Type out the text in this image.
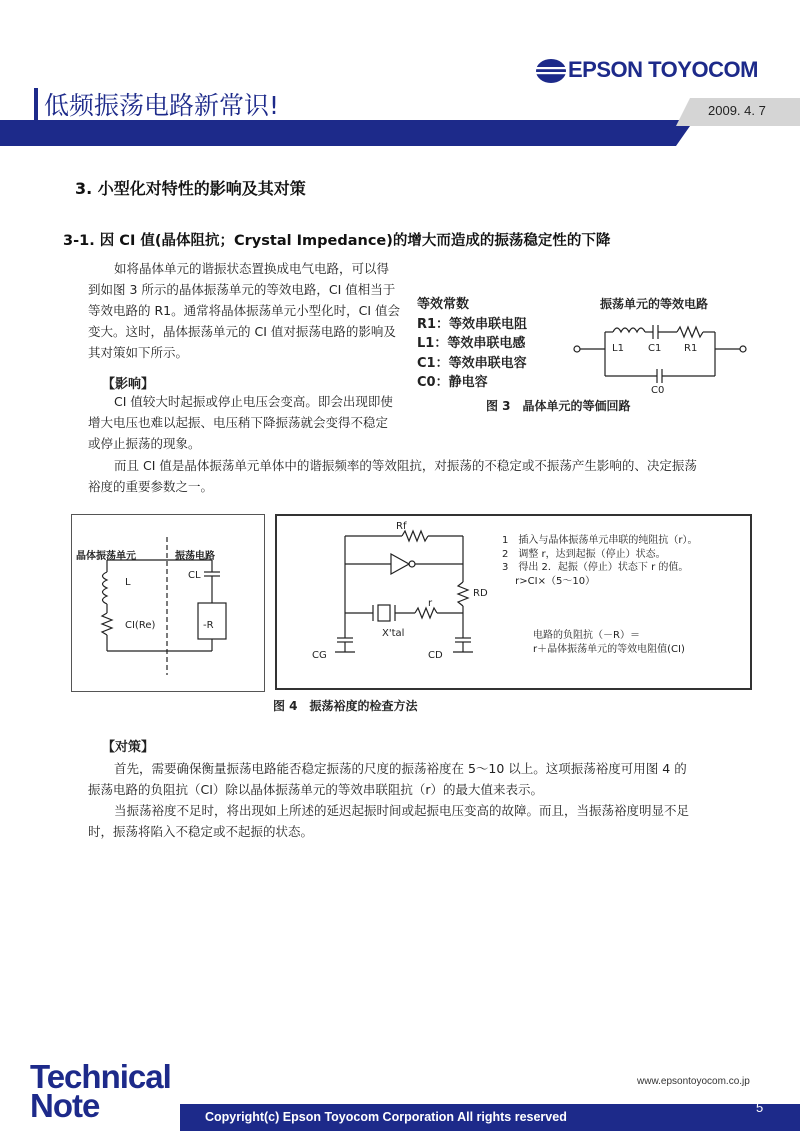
EPSON TOYOCOM
低频振荡电路新常识!	2009. 4. 7
3. 小型化对特性的影响及其对策
3-1. 因 CI 值(晶体阻抗；Crystal Impedance)的增大而造成的振荡稳定性的下降
如将晶体单元的谐振状态置换成电气电路，可以得到如图 3 所示的晶体振荡单元的等效电路，CI 值相当于等效电路的 R1。通常将晶体振荡单元小型化时，CI 值会变大。这时，晶体振荡单元的 CI 值对振荡电路的影响及其对策如下所示。
【影响】
CI 值较大时起振或停止电压会变高。即会出现即使增大电压也难以起振、电压稍下降振荡就会变得不稳定或停止振荡的现象。
而且 CI 值是晶体振荡单元单体中的谐振频率的等效阻抗，对振荡的不稳定或不振荡产生影响的、决定振荡裕度的重要参数之一。
等效常数
R1：等效串联电阻
L1：等效串联电感
C1：等效串联电容
C0：静电容
振荡单元的等效电路
L1 C1 R1
C0
图 3　晶体单元的等価回路
晶体振荡单元	振荡电路
L
CI(Re)
CL
-R
Rf
RD
r
X'tal
CG	CD
1　插入与晶体振荡单元串联的纯阻抗（r）。
2　调整 r，达到起振（停止）状态。
3　得出 2．起振（停止）状态下 r 的值。
　 r>CI×（5～10）
电路的负阻抗（－R）＝
r＋晶体振荡单元的等效电阻值(CI)
图 4　振荡裕度的检查方法
【对策】
首先，需要确保衡量振荡电路能否稳定振荡的尺度的振荡裕度在 5～10 以上。这项振荡裕度可用图 4 的振荡电路的负阻抗（CI）除以晶体振荡单元的等效串联阻抗（r）的最大值来表示。
当振荡裕度不足时，将出现如上所述的延迟起振时间或起振电压变高的故障。而且，当振荡裕度明显不足时，振荡将陷入不稳定或不起振的状态。
Technical
Note
www.epsontoyocom.co.jp
Copyright(c) Epson Toyocom Corporation All rights reserved
5
